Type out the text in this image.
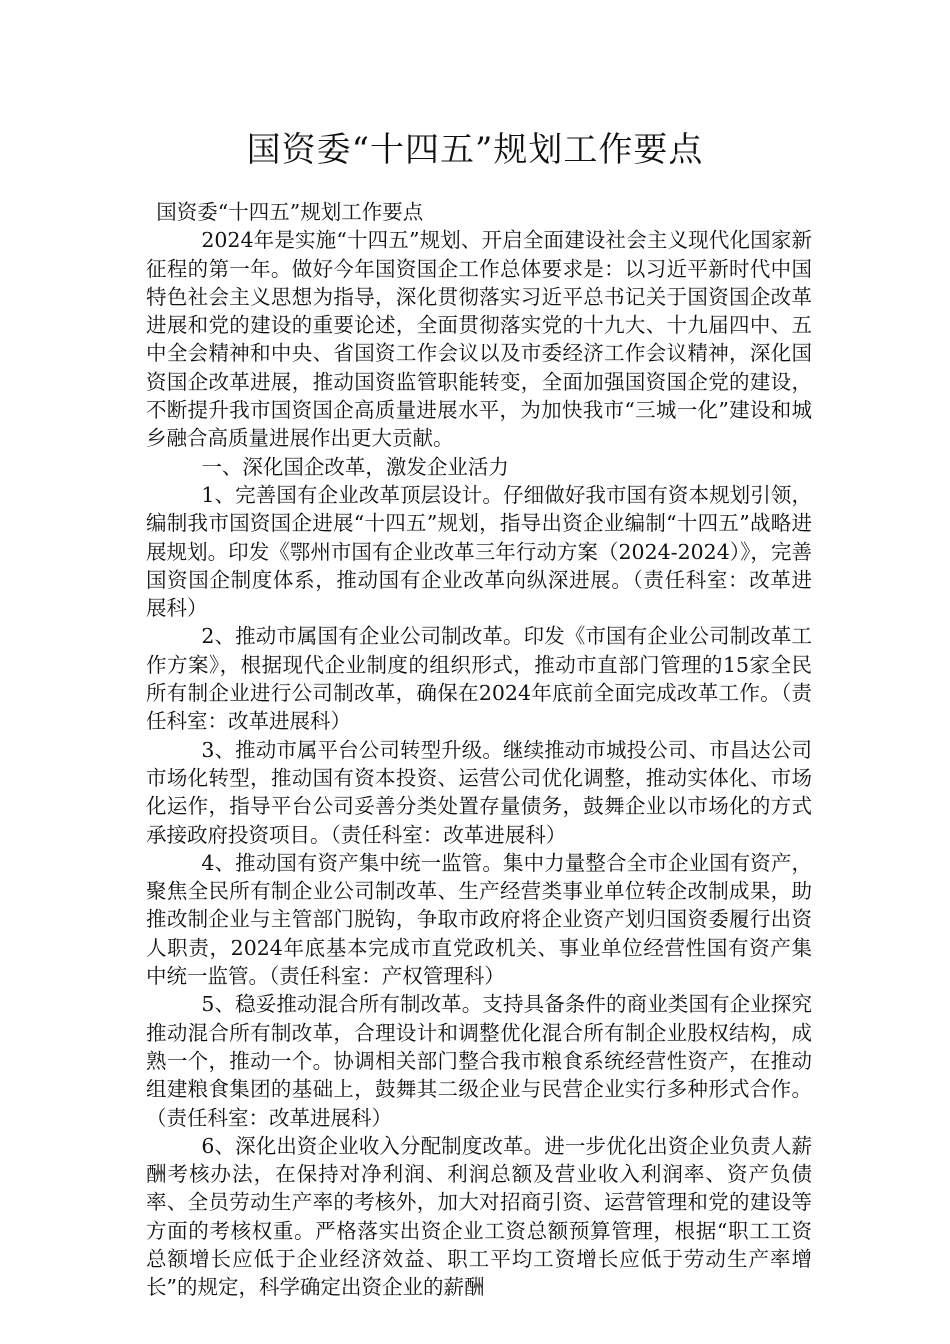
国资委“十四五”规划工作要点

国资委“十四五”规划工作要点

2024年是实施“十四五”规划、开启全面建设社会主义现代化国家新征程的第一年。做好今年国资国企工作总体要求是：以习近平新时代中国特色社会主义思想为指导，深化贯彻落实习近平总书记关于国资国企改革进展和党的建设的重要论述，全面贯彻落实党的十九大、十九届四中、五中全会精神和中央、省国资工作会议以及市委经济工作会议精神，深化国资国企改革进展，推动国资监管职能转变，全面加强国资国企党的建设，不断提升我市国资国企高质量进展水平，为加快我市“三城一化”建设和城乡融合高质量进展作出更大贡献。

一、深化国企改革，激发企业活力

1、完善国有企业改革顶层设计。仔细做好我市国有资本规划引领，编制我市国资国企进展“十四五”规划，指导出资企业编制“十四五”战略进展规划。印发《鄂州市国有企业改革三年行动方案（2024-2024）》，完善国资国企制度体系，推动国有企业改革向纵深进展。（责任科室：改革进展科）

2、推动市属国有企业公司制改革。印发《市国有企业公司制改革工作方案》，根据现代企业制度的组织形式，推动市直部门管理的15家全民所有制企业进行公司制改革，确保在2024年底前全面完成改革工作。（责任科室：改革进展科）

3、推动市属平台公司转型升级。继续推动市城投公司、市昌达公司市场化转型，推动国有资本投资、运营公司优化调整，推动实体化、市场化运作，指导平台公司妥善分类处置存量债务，鼓舞企业以市场化的方式承接政府投资项目。（责任科室：改革进展科）

4、推动国有资产集中统一监管。集中力量整合全市企业国有资产，聚焦全民所有制企业公司制改革、生产经营类事业单位转企改制成果，助推改制企业与主管部门脱钩，争取市政府将企业资产划归国资委履行出资人职责，2024年底基本完成市直党政机关、事业单位经营性国有资产集中统一监管。（责任科室：产权管理科）

5、稳妥推动混合所有制改革。支持具备条件的商业类国有企业探究推动混合所有制改革，合理设计和调整优化混合所有制企业股权结构，成熟一个，推动一个。协调相关部门整合我市粮食系统经营性资产，在推动组建粮食集团的基础上，鼓舞其二级企业与民营企业实行多种形式合作。（责任科室：改革进展科）

6、深化出资企业收入分配制度改革。进一步优化出资企业负责人薪酬考核办法，在保持对净利润、利润总额及营业收入利润率、资产负债率、全员劳动生产率的考核外，加大对招商引资、运营管理和党的建设等方面的考核权重。严格落实出资企业工资总额预算管理，根据“职工工资总额增长应低于企业经济效益、职工平均工资增长应低于劳动生产率增长”的规定，科学确定出资企业的薪酬
